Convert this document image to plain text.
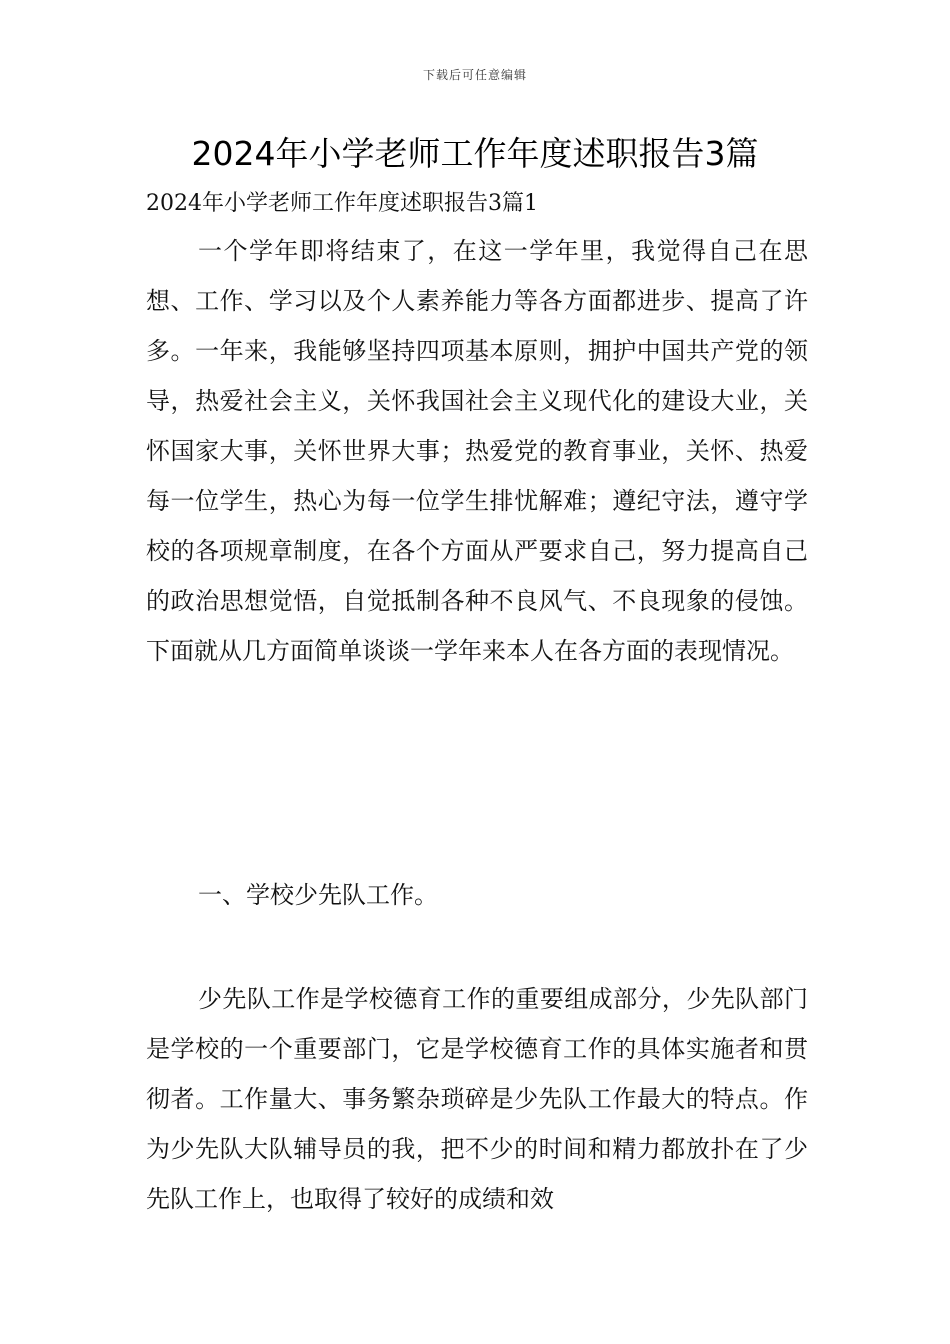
下载后可任意编辑
2024年小学老师工作年度述职报告3篇
2024年小学老师工作年度述职报告3篇1

一个学年即将结束了，在这一学年里，我觉得自己在思想、工作、学习以及个人素养能力等各方面都进步、提高了许多。一年来，我能够坚持四项基本原则，拥护中国共产党的领导，热爱社会主义，关怀我国社会主义现代化的建设大业，关怀国家大事，关怀世界大事；热爱党的教育事业，关怀、热爱每一位学生，热心为每一位学生排忧解难；遵纪守法，遵守学校的各项规章制度，在各个方面从严要求自己，努力提高自己的政治思想觉悟，自觉抵制各种不良风气、不良现象的侵蚀。下面就从几方面简单谈谈一学年来本人在各方面的表现情况。

一、学校少先队工作。

少先队工作是学校德育工作的重要组成部分，少先队部门是学校的一个重要部门，它是学校德育工作的具体实施者和贯彻者。工作量大、事务繁杂琐碎是少先队工作最大的特点。作为少先队大队辅导员的我，把不少的时间和精力都放扑在了少先队工作上，也取得了较好的成绩和效
